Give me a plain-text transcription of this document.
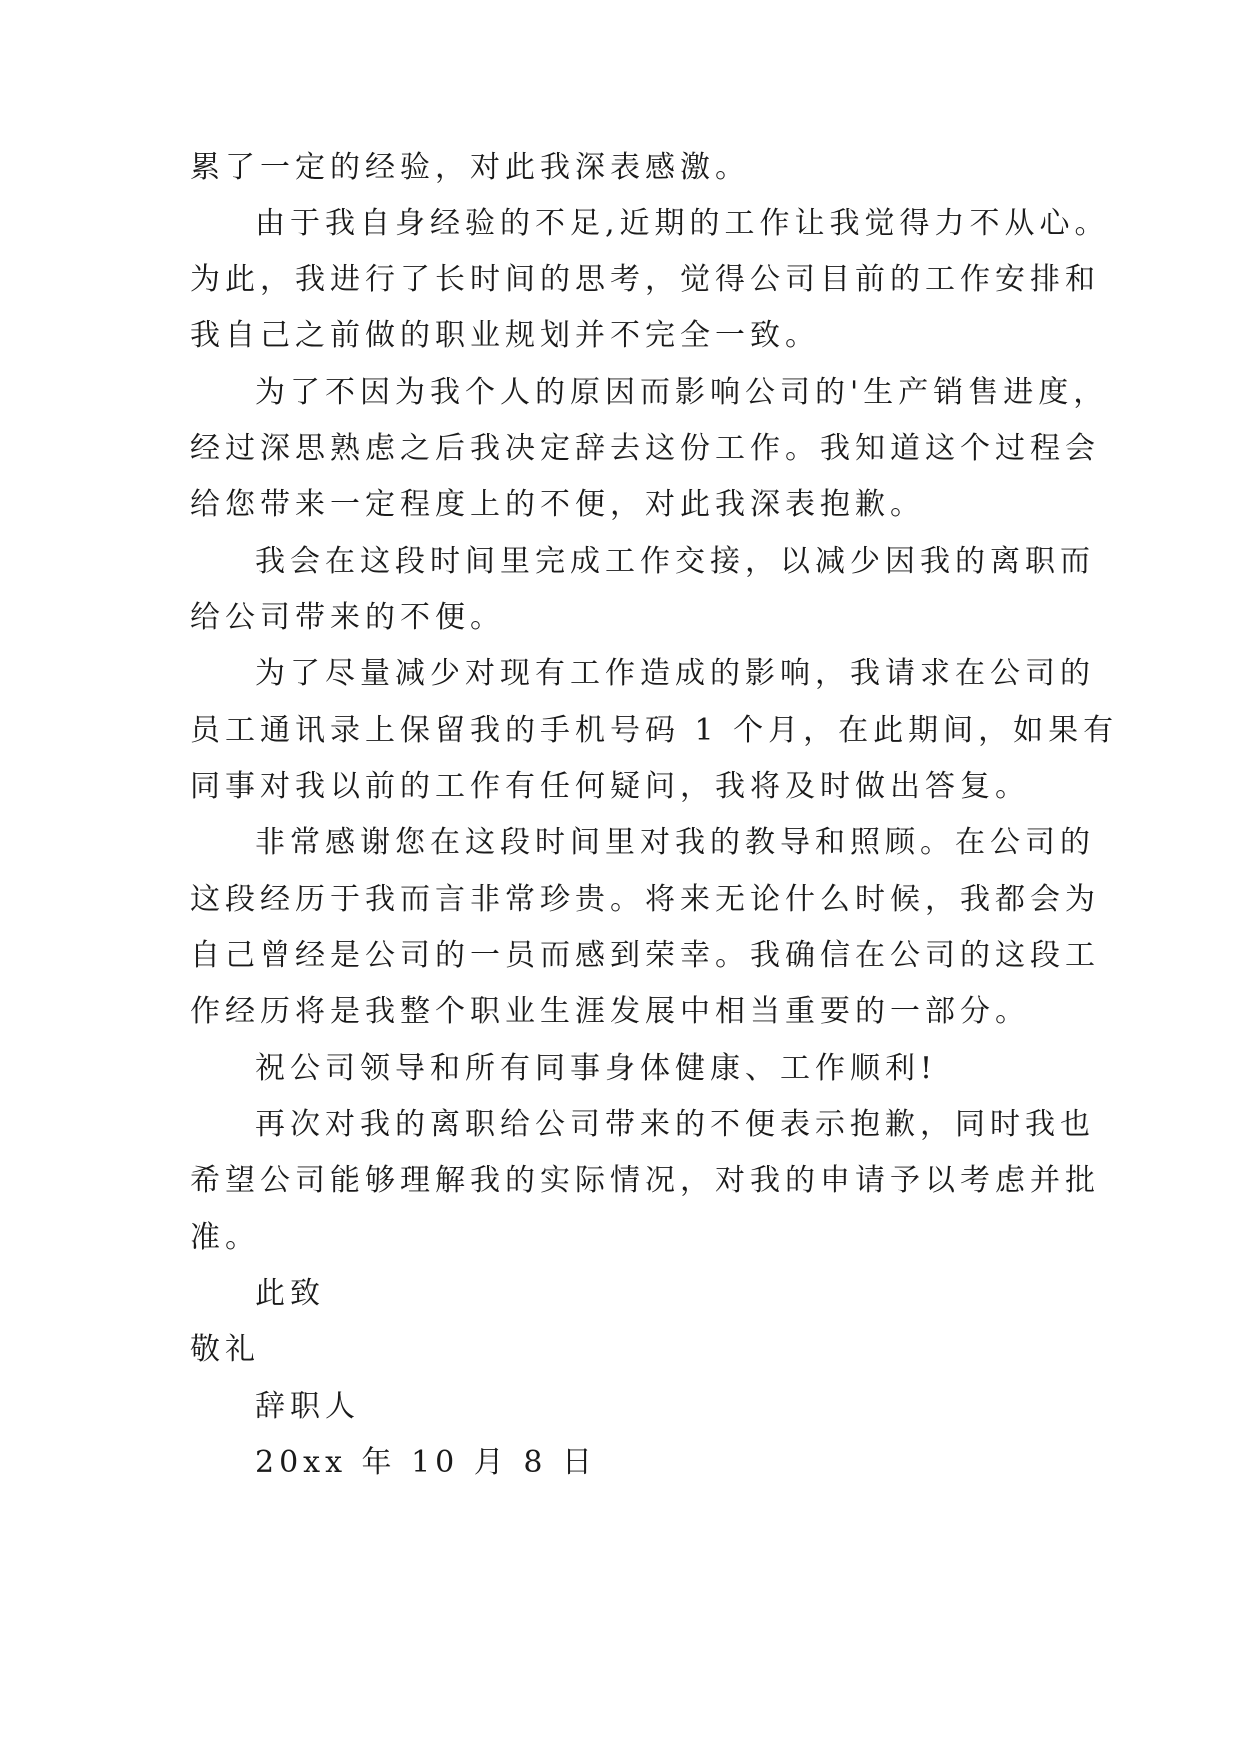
累了一定的经验，对此我深表感激。
由于我自身经验的不足,近期的工作让我觉得力不从心。
为此，我进行了长时间的思考，觉得公司目前的工作安排和
我自己之前做的职业规划并不完全一致。
为了不因为我个人的原因而影响公司的'生产销售进度，
经过深思熟虑之后我决定辞去这份工作。我知道这个过程会
给您带来一定程度上的不便，对此我深表抱歉。
我会在这段时间里完成工作交接，以减少因我的离职而
给公司带来的不便。
为了尽量减少对现有工作造成的影响，我请求在公司的
员工通讯录上保留我的手机号码 1 个月，在此期间，如果有
同事对我以前的工作有任何疑问，我将及时做出答复。
非常感谢您在这段时间里对我的教导和照顾。在公司的
这段经历于我而言非常珍贵。将来无论什么时候，我都会为
自己曾经是公司的一员而感到荣幸。我确信在公司的这段工
作经历将是我整个职业生涯发展中相当重要的一部分。
祝公司领导和所有同事身体健康、工作顺利!
再次对我的离职给公司带来的不便表示抱歉，同时我也
希望公司能够理解我的实际情况，对我的申请予以考虑并批
准。
此致
敬礼
辞职人
20xx 年 10 月 8 日
